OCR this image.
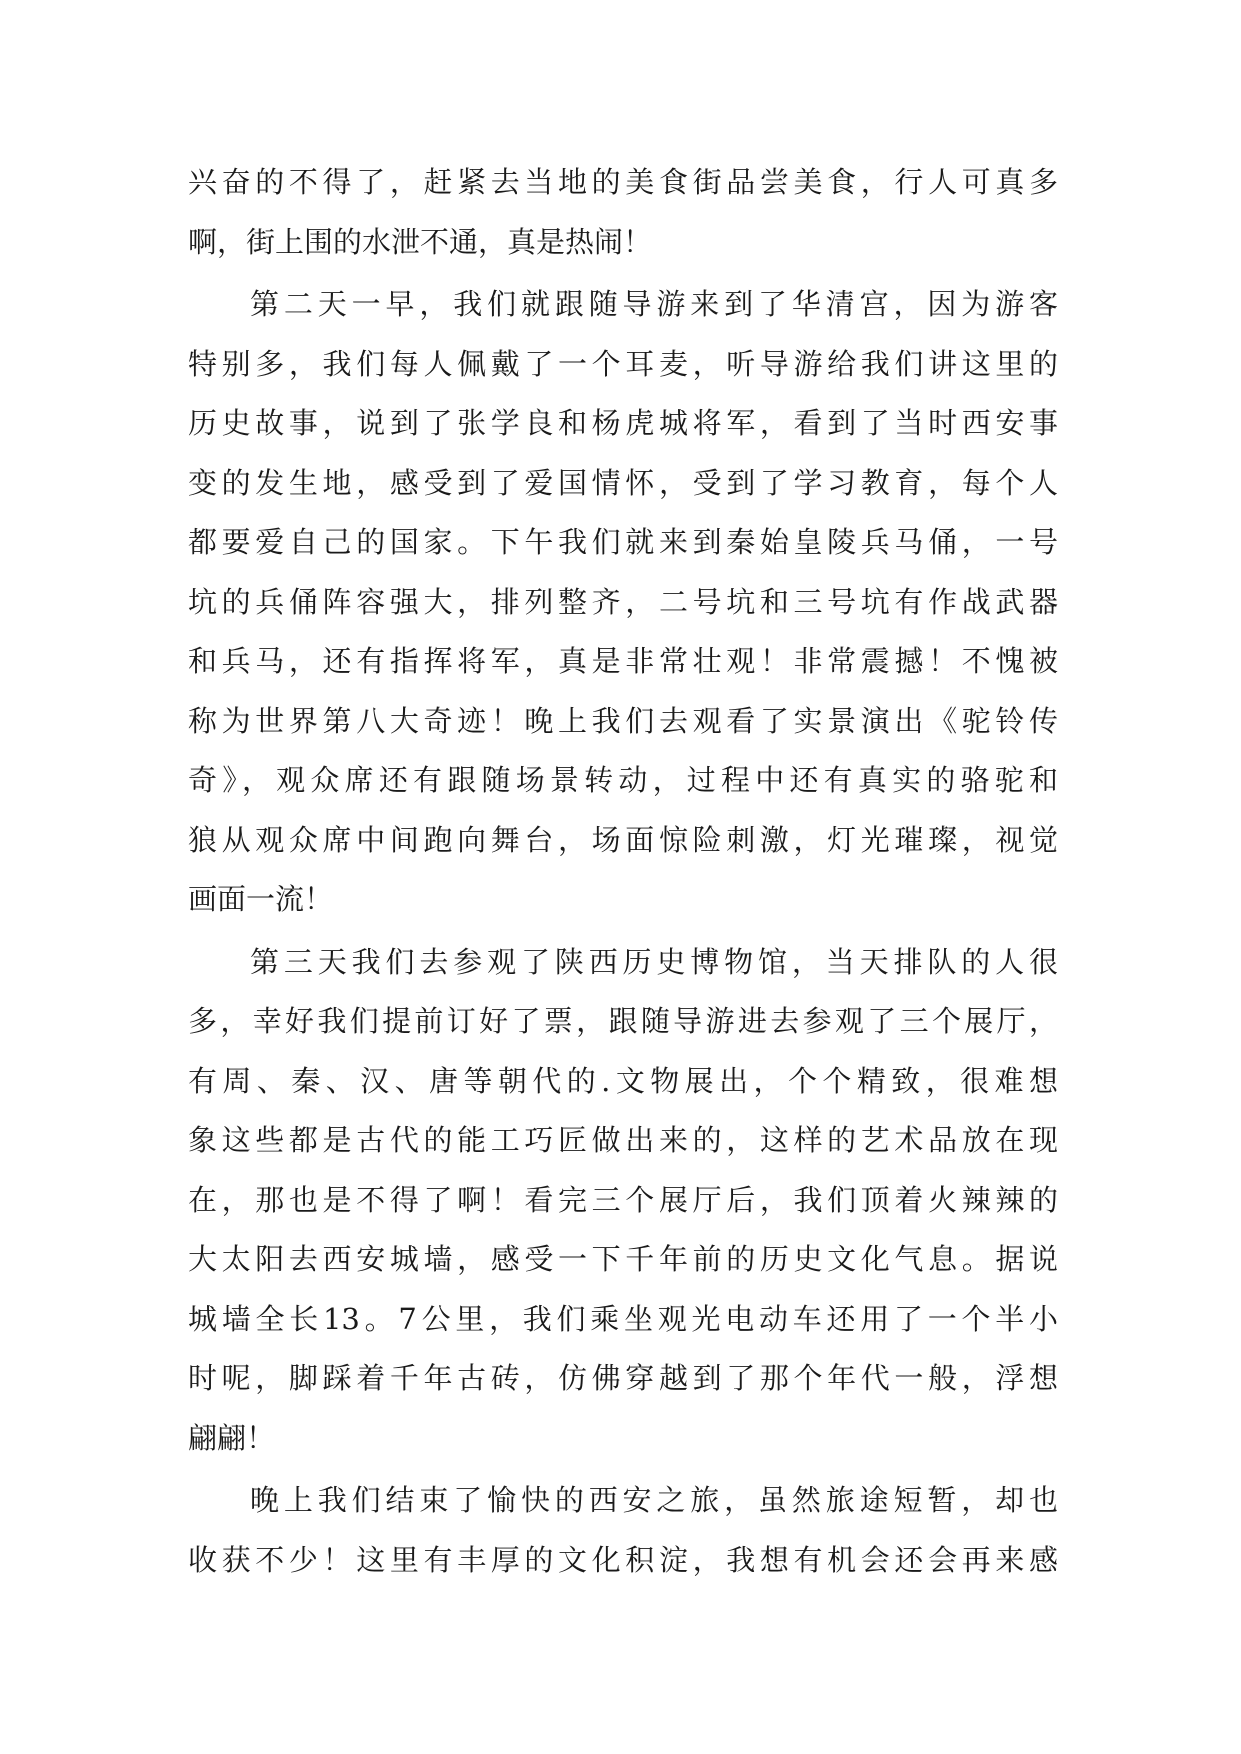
兴奋的不得了，赶紧去当地的美食街品尝美食，行人可真多
啊，街上围的水泄不通，真是热闹！
第二天一早，我们就跟随导游来到了华清宫，因为游客
特别多，我们每人佩戴了一个耳麦，听导游给我们讲这里的
历史故事，说到了张学良和杨虎城将军，看到了当时西安事
变的发生地，感受到了爱国情怀，受到了学习教育，每个人
都要爱自己的国家。下午我们就来到秦始皇陵兵马俑，一号
坑的兵俑阵容强大，排列整齐，二号坑和三号坑有作战武器
和兵马，还有指挥将军，真是非常壮观！非常震撼！不愧被
称为世界第八大奇迹！晚上我们去观看了实景演出《驼铃传
奇》，观众席还有跟随场景转动，过程中还有真实的骆驼和
狼从观众席中间跑向舞台，场面惊险刺激，灯光璀璨，视觉
画面一流！
第三天我们去参观了陕西历史博物馆，当天排队的人很
多，幸好我们提前订好了票，跟随导游进去参观了三个展厅，
有周、秦、汉、唐等朝代的.文物展出，个个精致，很难想
象这些都是古代的能工巧匠做出来的，这样的艺术品放在现
在，那也是不得了啊！看完三个展厅后，我们顶着火辣辣的
大太阳去西安城墙，感受一下千年前的历史文化气息。据说
城墙全长13。7公里，我们乘坐观光电动车还用了一个半小
时呢，脚踩着千年古砖，仿佛穿越到了那个年代一般，浮想
翩翩！
晚上我们结束了愉快的西安之旅，虽然旅途短暂，却也
收获不少！这里有丰厚的文化积淀，我想有机会还会再来感
